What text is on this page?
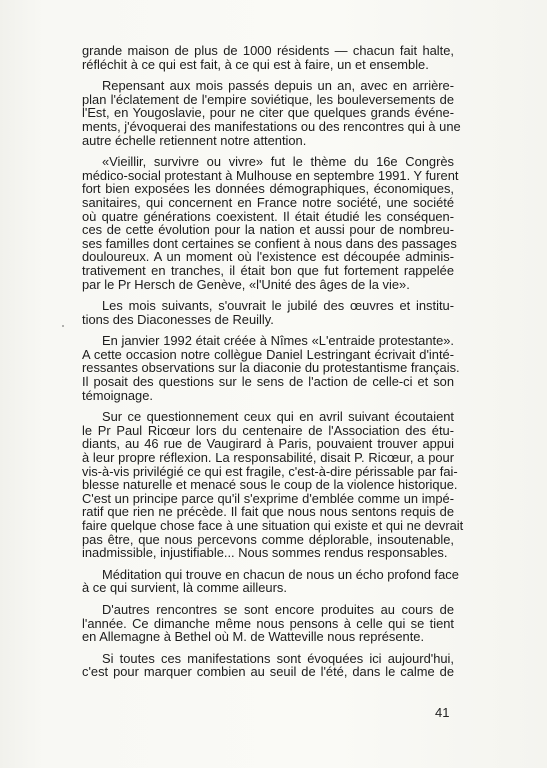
grande maison de plus de 1000 résidents — chacun fait halte,
réfléchit à ce qui est fait, à ce qui est à faire, un et ensemble.

Repensant aux mois passés depuis un an, avec en arrière-
plan l'éclatement de l'empire soviétique, les bouleversements de
l'Est, en Yougoslavie, pour ne citer que quelques grands événe-
ments, j'évoquerai des manifestations ou des rencontres qui à une
autre échelle retiennent notre attention.

«Vieillir, survivre ou vivre» fut le thème du 16e Congrès
médico-social protestant à Mulhouse en septembre 1991. Y furent
fort bien exposées les données démographiques, économiques,
sanitaires, qui concernent en France notre société, une société
où quatre générations coexistent. Il était étudié les conséquen-
ces de cette évolution pour la nation et aussi pour de nombreu-
ses familles dont certaines se confient à nous dans des passages
douloureux. A un moment où l'existence est découpée adminis-
trativement en tranches, il était bon que fut fortement rappelée
par le Pr Hersch de Genève, «l'Unité des âges de la vie».

Les mois suivants, s'ouvrait le jubilé des œuvres et institu-
tions des Diaconesses de Reuilly.

En janvier 1992 était créée à Nîmes «L'entraide protestante».
A cette occasion notre collègue Daniel Lestringant écrivait d'inté-
ressantes observations sur la diaconie du protestantisme français.
Il posait des questions sur le sens de l'action de celle-ci et son
témoignage.

Sur ce questionnement ceux qui en avril suivant écoutaient
le Pr Paul Ricœur lors du centenaire de l'Association des étu-
diants, au 46 rue de Vaugirard à Paris, pouvaient trouver appui
à leur propre réflexion. La responsabilité, disait P. Ricœur, a pour
vis-à-vis privilégié ce qui est fragile, c'est-à-dire périssable par fai-
blesse naturelle et menacé sous le coup de la violence historique.
C'est un principe parce qu'il s'exprime d'emblée comme un impé-
ratif que rien ne précède. Il fait que nous nous sentons requis de
faire quelque chose face à une situation qui existe et qui ne devrait
pas être, que nous percevons comme déplorable, insoutenable,
inadmissible, injustifiable... Nous sommes rendus responsables.

Méditation qui trouve en chacun de nous un écho profond face
à ce qui survient, là comme ailleurs.

D'autres rencontres se sont encore produites au cours de
l'année. Ce dimanche même nous pensons à celle qui se tient
en Allemagne à Bethel où M. de Watteville nous représente.

Si toutes ces manifestations sont évoquées ici aujourd'hui,
c'est pour marquer combien au seuil de l'été, dans le calme de

41
